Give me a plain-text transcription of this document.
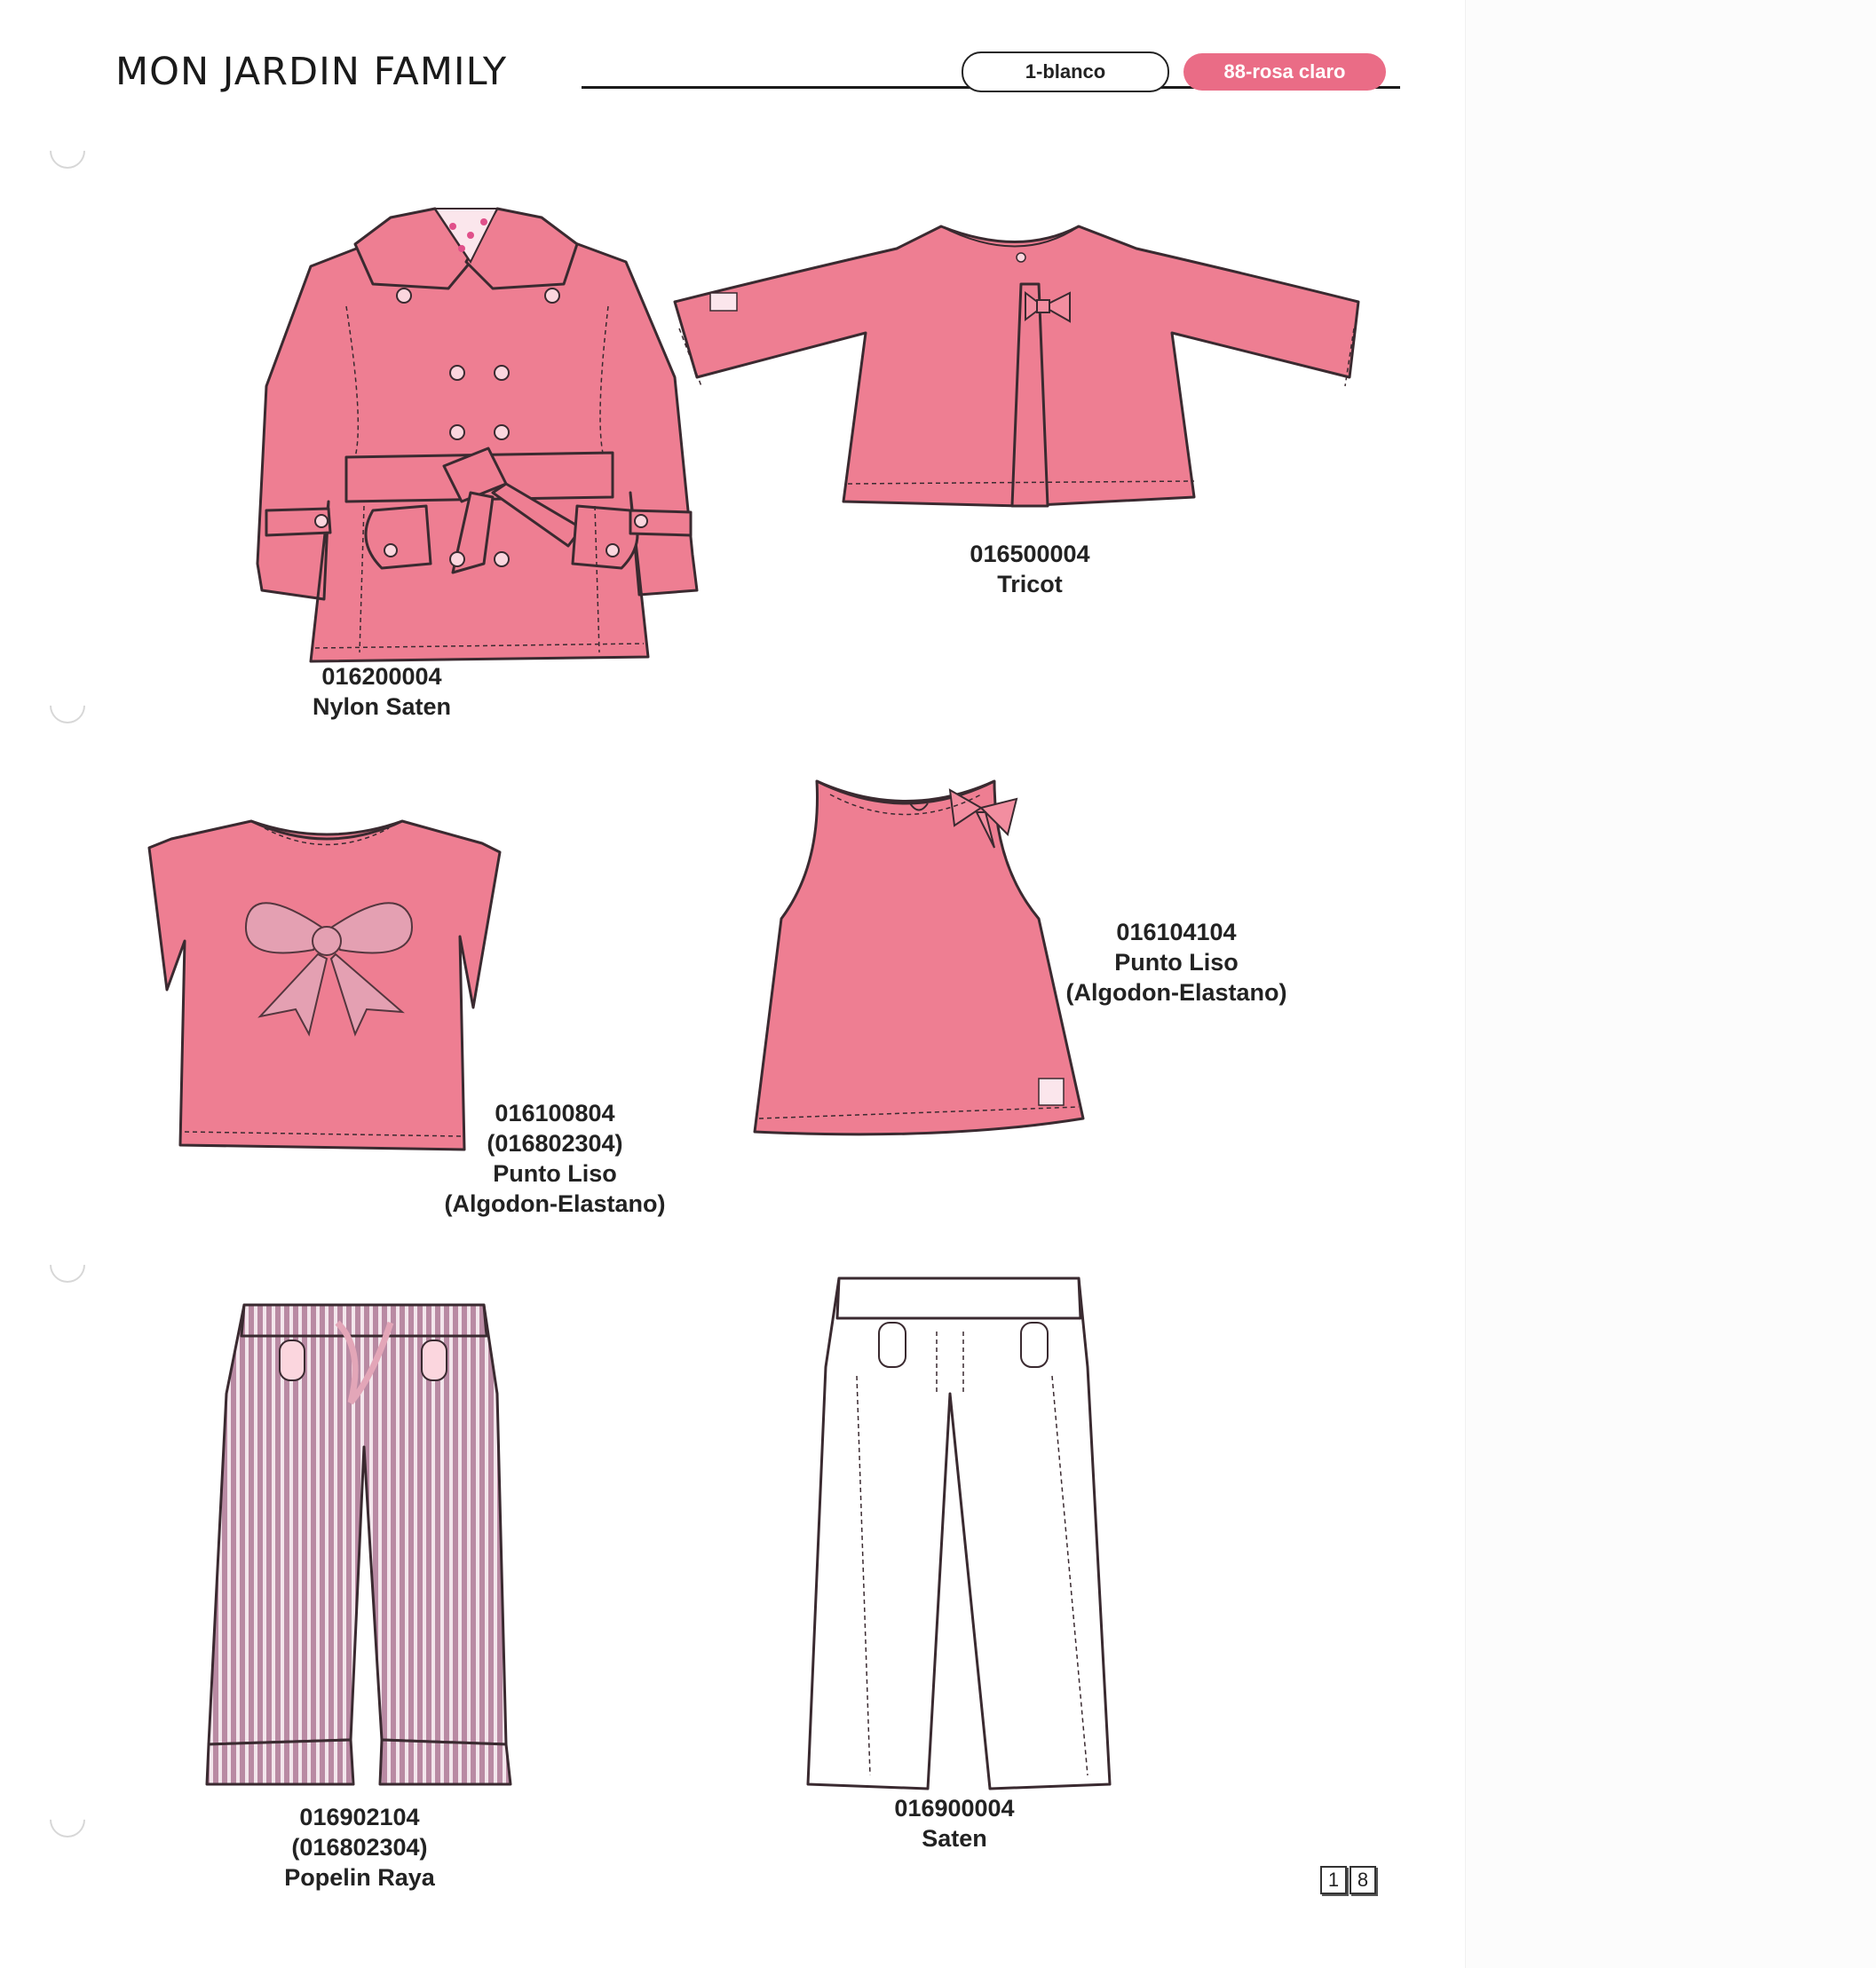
MON JARDIN FAMILY	1-blanco	88-rosa claro
016200004
Nylon Saten
016500004
Tricot
016100804
(016802304)
Punto Liso
(Algodon-Elastano)
016104104
Punto Liso
(Algodon-Elastano)
016902104
(016802304)
Popelin Raya
016900004
Saten
1 8
